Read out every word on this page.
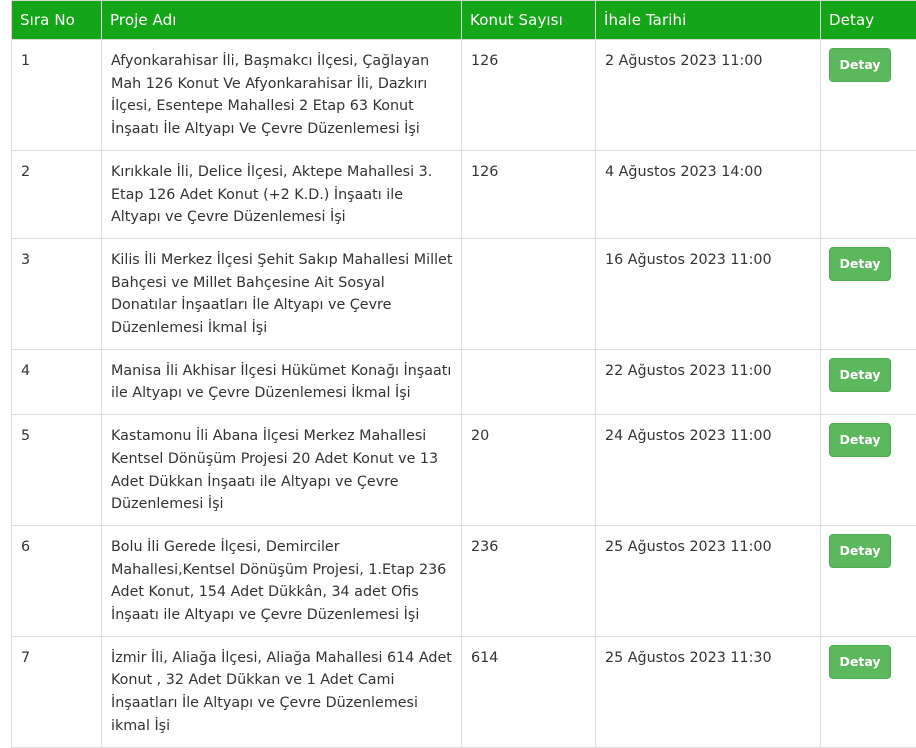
Sıra No	Proje Adı	Konut Sayısı	İhale Tarihi	Detay
1	Afyonkarahisar İli, Başmakcı İlçesi, Çağlayan Mah 126 Konut Ve Afyonkarahisar İli, Dazkırı İlçesi, Esentepe Mahallesi 2 Etap 63 Konut İnşaatı İle Altyapı Ve Çevre Düzenlemesi İşi	126	2 Ağustos 2023 11:00	Detay
2	Kırıkkale İli, Delice İlçesi, Aktepe Mahallesi 3. Etap 126 Adet Konut (+2 K.D.) İnşaatı ile Altyapı ve Çevre Düzenlemesi İşi	126	4 Ağustos 2023 14:00	
3	Kilis İli Merkez İlçesi Şehit Sakıp Mahallesi Millet Bahçesi ve Millet Bahçesine Ait Sosyal Donatılar İnşaatları İle Altyapı ve Çevre Düzenlemesi İkmal İşi		16 Ağustos 2023 11:00	Detay
4	Manisa İli Akhisar İlçesi Hükümet Konağı İnşaatı ile Altyapı ve Çevre Düzenlemesi İkmal İşi		22 Ağustos 2023 11:00	Detay
5	Kastamonu İli Abana İlçesi Merkez Mahallesi Kentsel Dönüşüm Projesi 20 Adet Konut ve 13 Adet Dükkan İnşaatı ile Altyapı ve Çevre Düzenlemesi İşi	20	24 Ağustos 2023 11:00	Detay
6	Bolu İli Gerede İlçesi, Demirciler Mahallesi,Kentsel Dönüşüm Projesi, 1.Etap 236 Adet Konut, 154 Adet Dükkân, 34 adet Ofis İnşaatı ile Altyapı ve Çevre Düzenlemesi İşi	236	25 Ağustos 2023 11:00	Detay
7	İzmir İli, Aliağa İlçesi, Aliağa Mahallesi 614 Adet Konut , 32 Adet Dükkan ve 1 Adet Cami İnşaatları İle Altyapı ve Çevre Düzenlemesi ikmal İşi	614	25 Ağustos 2023 11:30	Detay
